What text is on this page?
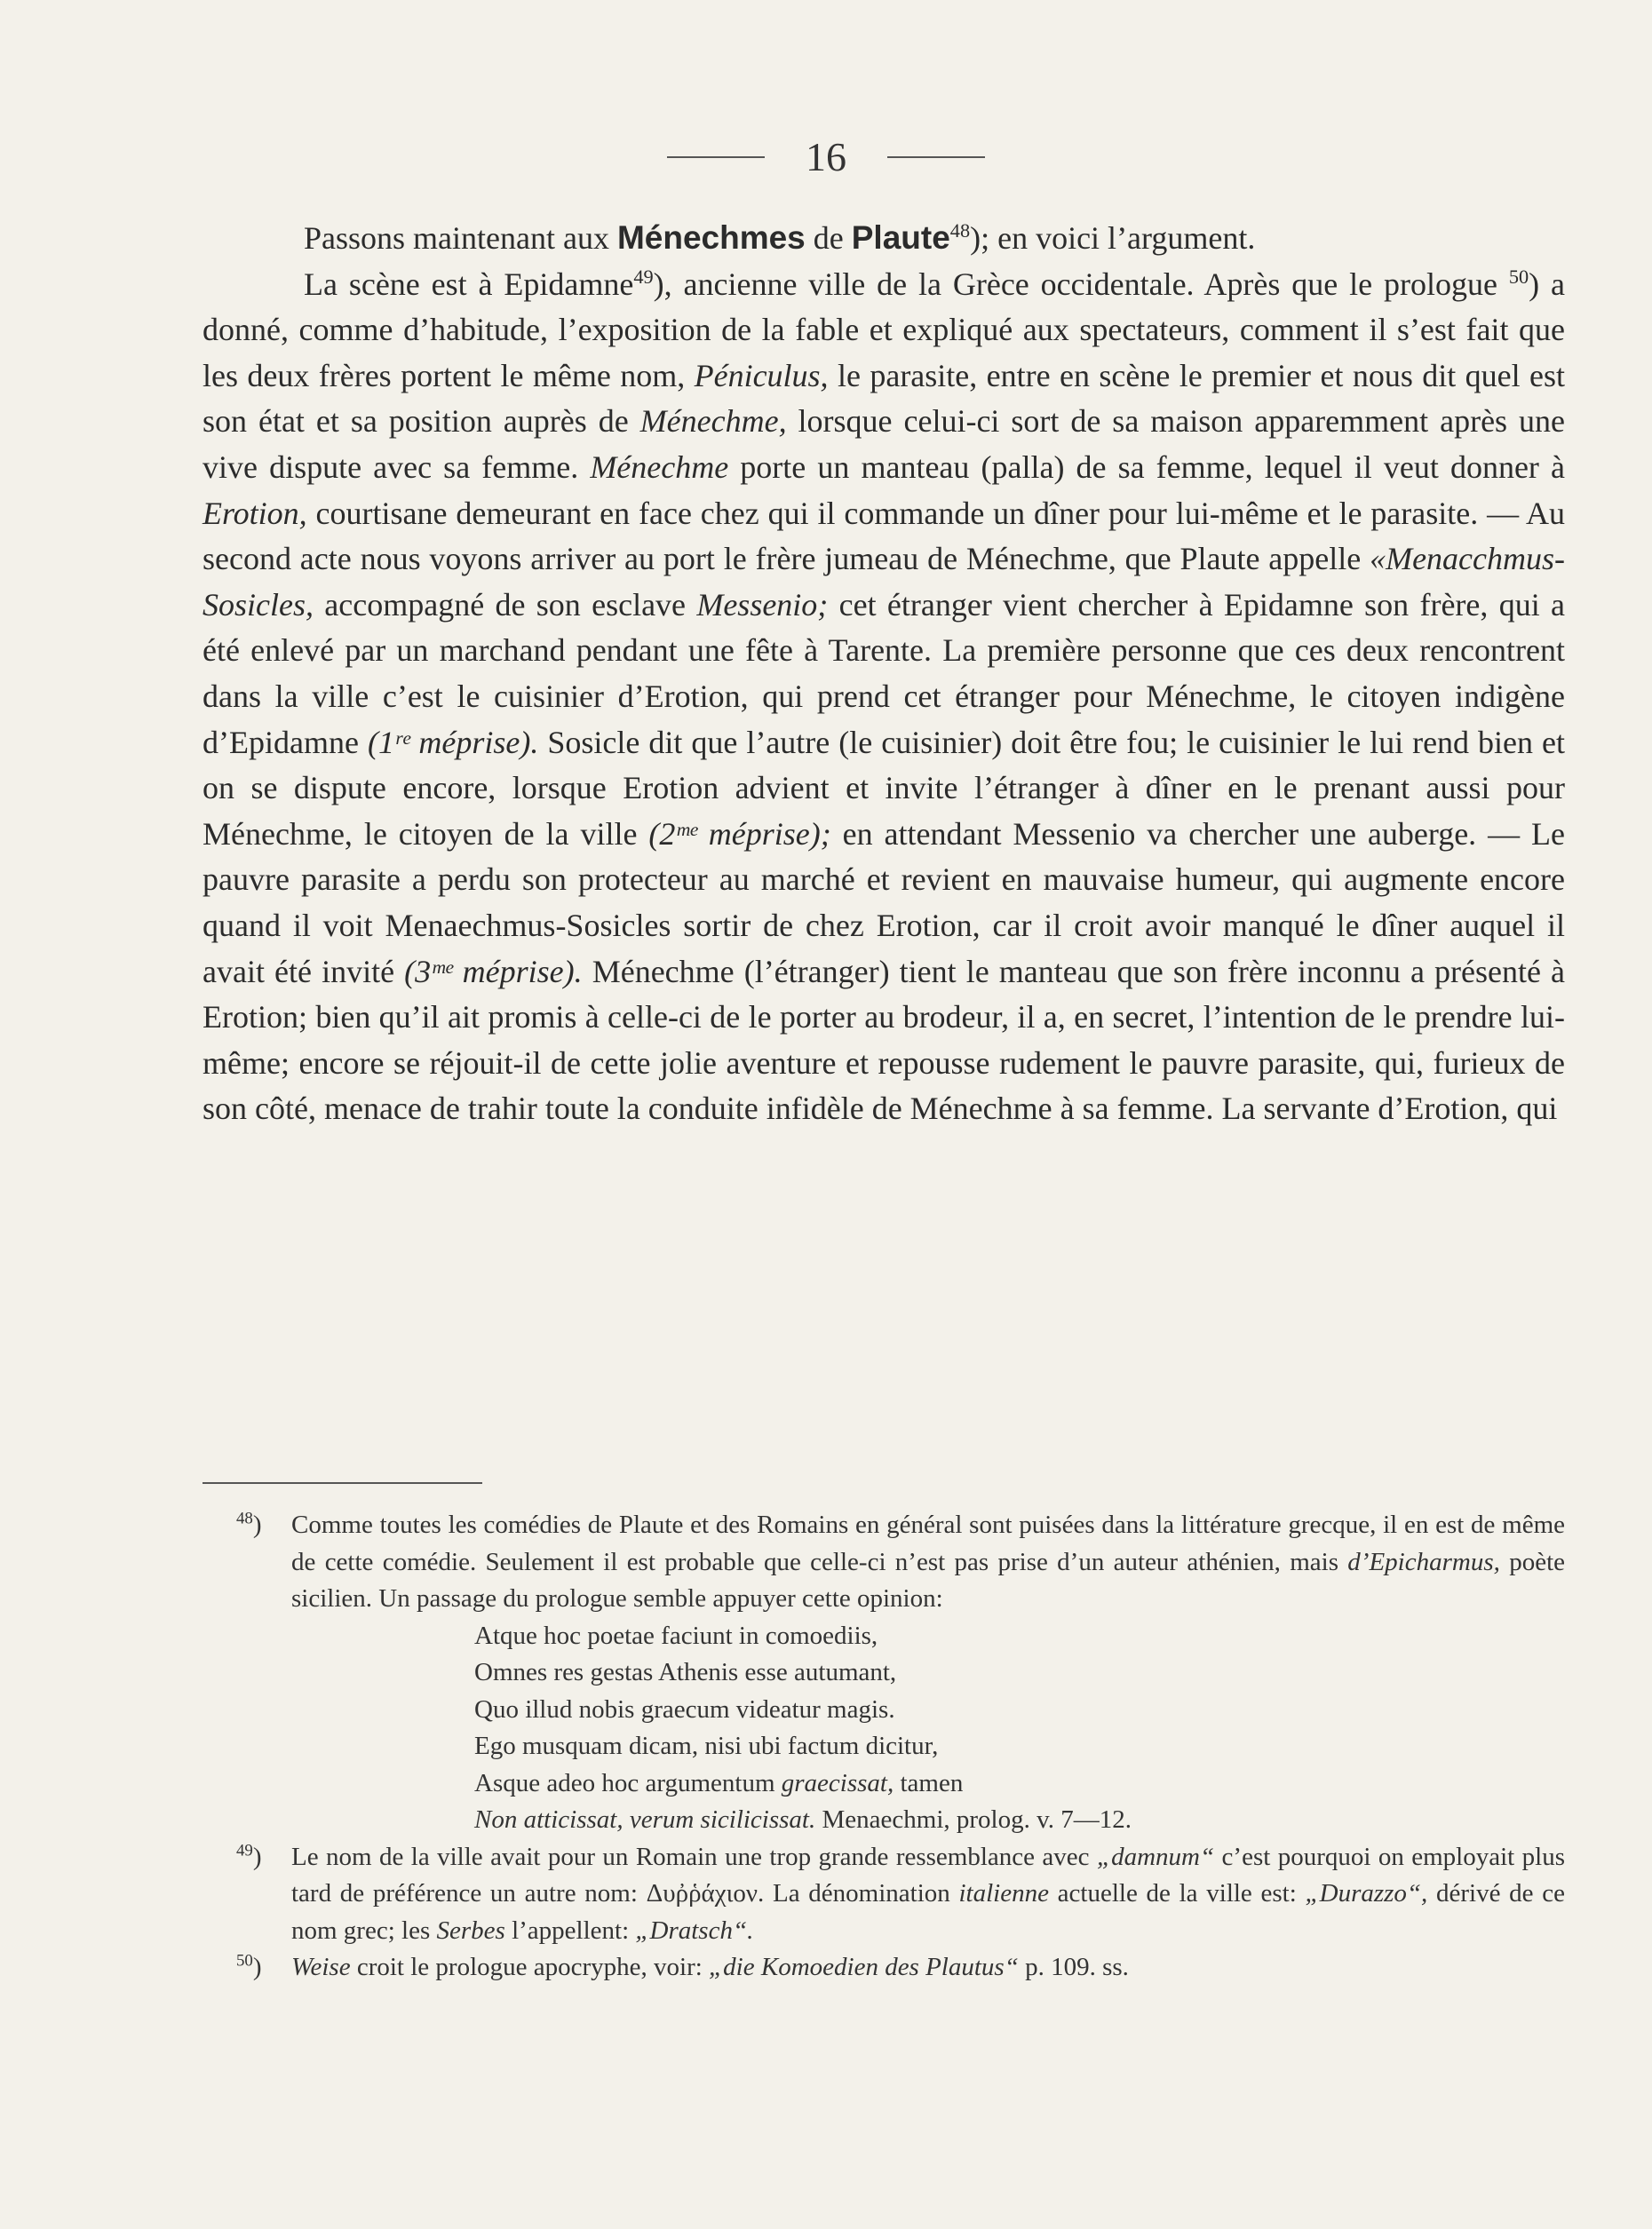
16

Passons maintenant aux Ménechmes de Plaute$^{48}$); en voici l’argument.

La scène est à Epidamne$^{49}$), ancienne ville de la Grèce occidentale. Après que le prologue $^{50}$) a donné, comme d’habitude, l’exposition de la fable et expliqué aux spectateurs, comment il s’est fait que les deux frères portent le même nom, Péniculus, le parasite, entre en scène le premier et nous dit quel est son état et sa position auprès de Ménechme, lorsque celui-ci sort de sa maison apparemment après une vive dispute avec sa femme. Ménechme porte un manteau (palla) de sa femme, lequel il veut donner à Erotion, courtisane demeurant en face chez qui il commande un dîner pour lui-même et le parasite. — Au second acte nous voyons arriver au port le frère jumeau de Ménechme, que Plaute appelle «Menacchmus-Sosicles, accompagné de son esclave Messenio; cet étranger vient chercher à Epidamne son frère, qui a été enlevé par un marchand pendant une fête à Tarente. La première personne que ces deux rencontrent dans la ville c’est le cuisinier d’Erotion, qui prend cet étranger pour Ménechme, le citoyen indigène d’Epidamne (1ʳᵉ méprise). Sosicle dit que l’autre (le cuisinier) doit être fou; le cuisinier le lui rend bien et on se dispute encore, lorsque Erotion advient et invite l’étranger à dîner en le prenant aussi pour Ménechme, le citoyen de la ville (2ᵐᵉ méprise); en attendant Messenio va chercher une auberge. — Le pauvre parasite a perdu son protecteur au marché et revient en mauvaise humeur, qui augmente encore quand il voit Menaechmus-Sosicles sortir de chez Erotion, car il croit avoir manqué le dîner auquel il avait été invité (3ᵐᵉ méprise). Ménechme (l’étranger) tient le manteau que son frère inconnu a présenté à Erotion; bien qu’il ait promis à celle-ci de le porter au brodeur, il a, en secret, l’intention de le prendre lui-même; encore se réjouit-il de cette jolie aventure et repousse rudement le pauvre parasite, qui, furieux de son côté, menace de trahir toute la conduite infidèle de Ménechme à sa femme. La servante d’Erotion, qui

$^{48}$) Comme toutes les comédies de Plaute et des Romains en général sont puisées dans la littérature grecque, il en est de même de cette comédie. Seulement il est probable que celle-ci n’est pas prise d’un auteur athénien, mais d’Epicharmus, poète sicilien. Un passage du prologue semble appuyer cette opinion:
Atque hoc poetae faciunt in comoediis,
Omnes res gestas Athenis esse autumant,
Quo illud nobis graecum videatur magis.
Ego musquam dicam, nisi ubi factum dicitur,
Asque adeo hoc argumentum graecissat, tamen
Non atticissat, verum sicilicissat. Menaechmi, prolog. v. 7—12.
$^{49}$) Le nom de la ville avait pour un Romain une trop grande ressemblance avec „damnum“ c’est pourquoi on employait plus tard de préférence un autre nom: Δυῤῥάχιον. La dénomination italienne actuelle de la ville est: „Durazzo“, dérivé de ce nom grec; les Serbes l’appellent: „Dratsch“.
$^{50}$) Weise croit le prologue apocryphe, voir: „die Komoedien des Plautus“ p. 109. ss.
